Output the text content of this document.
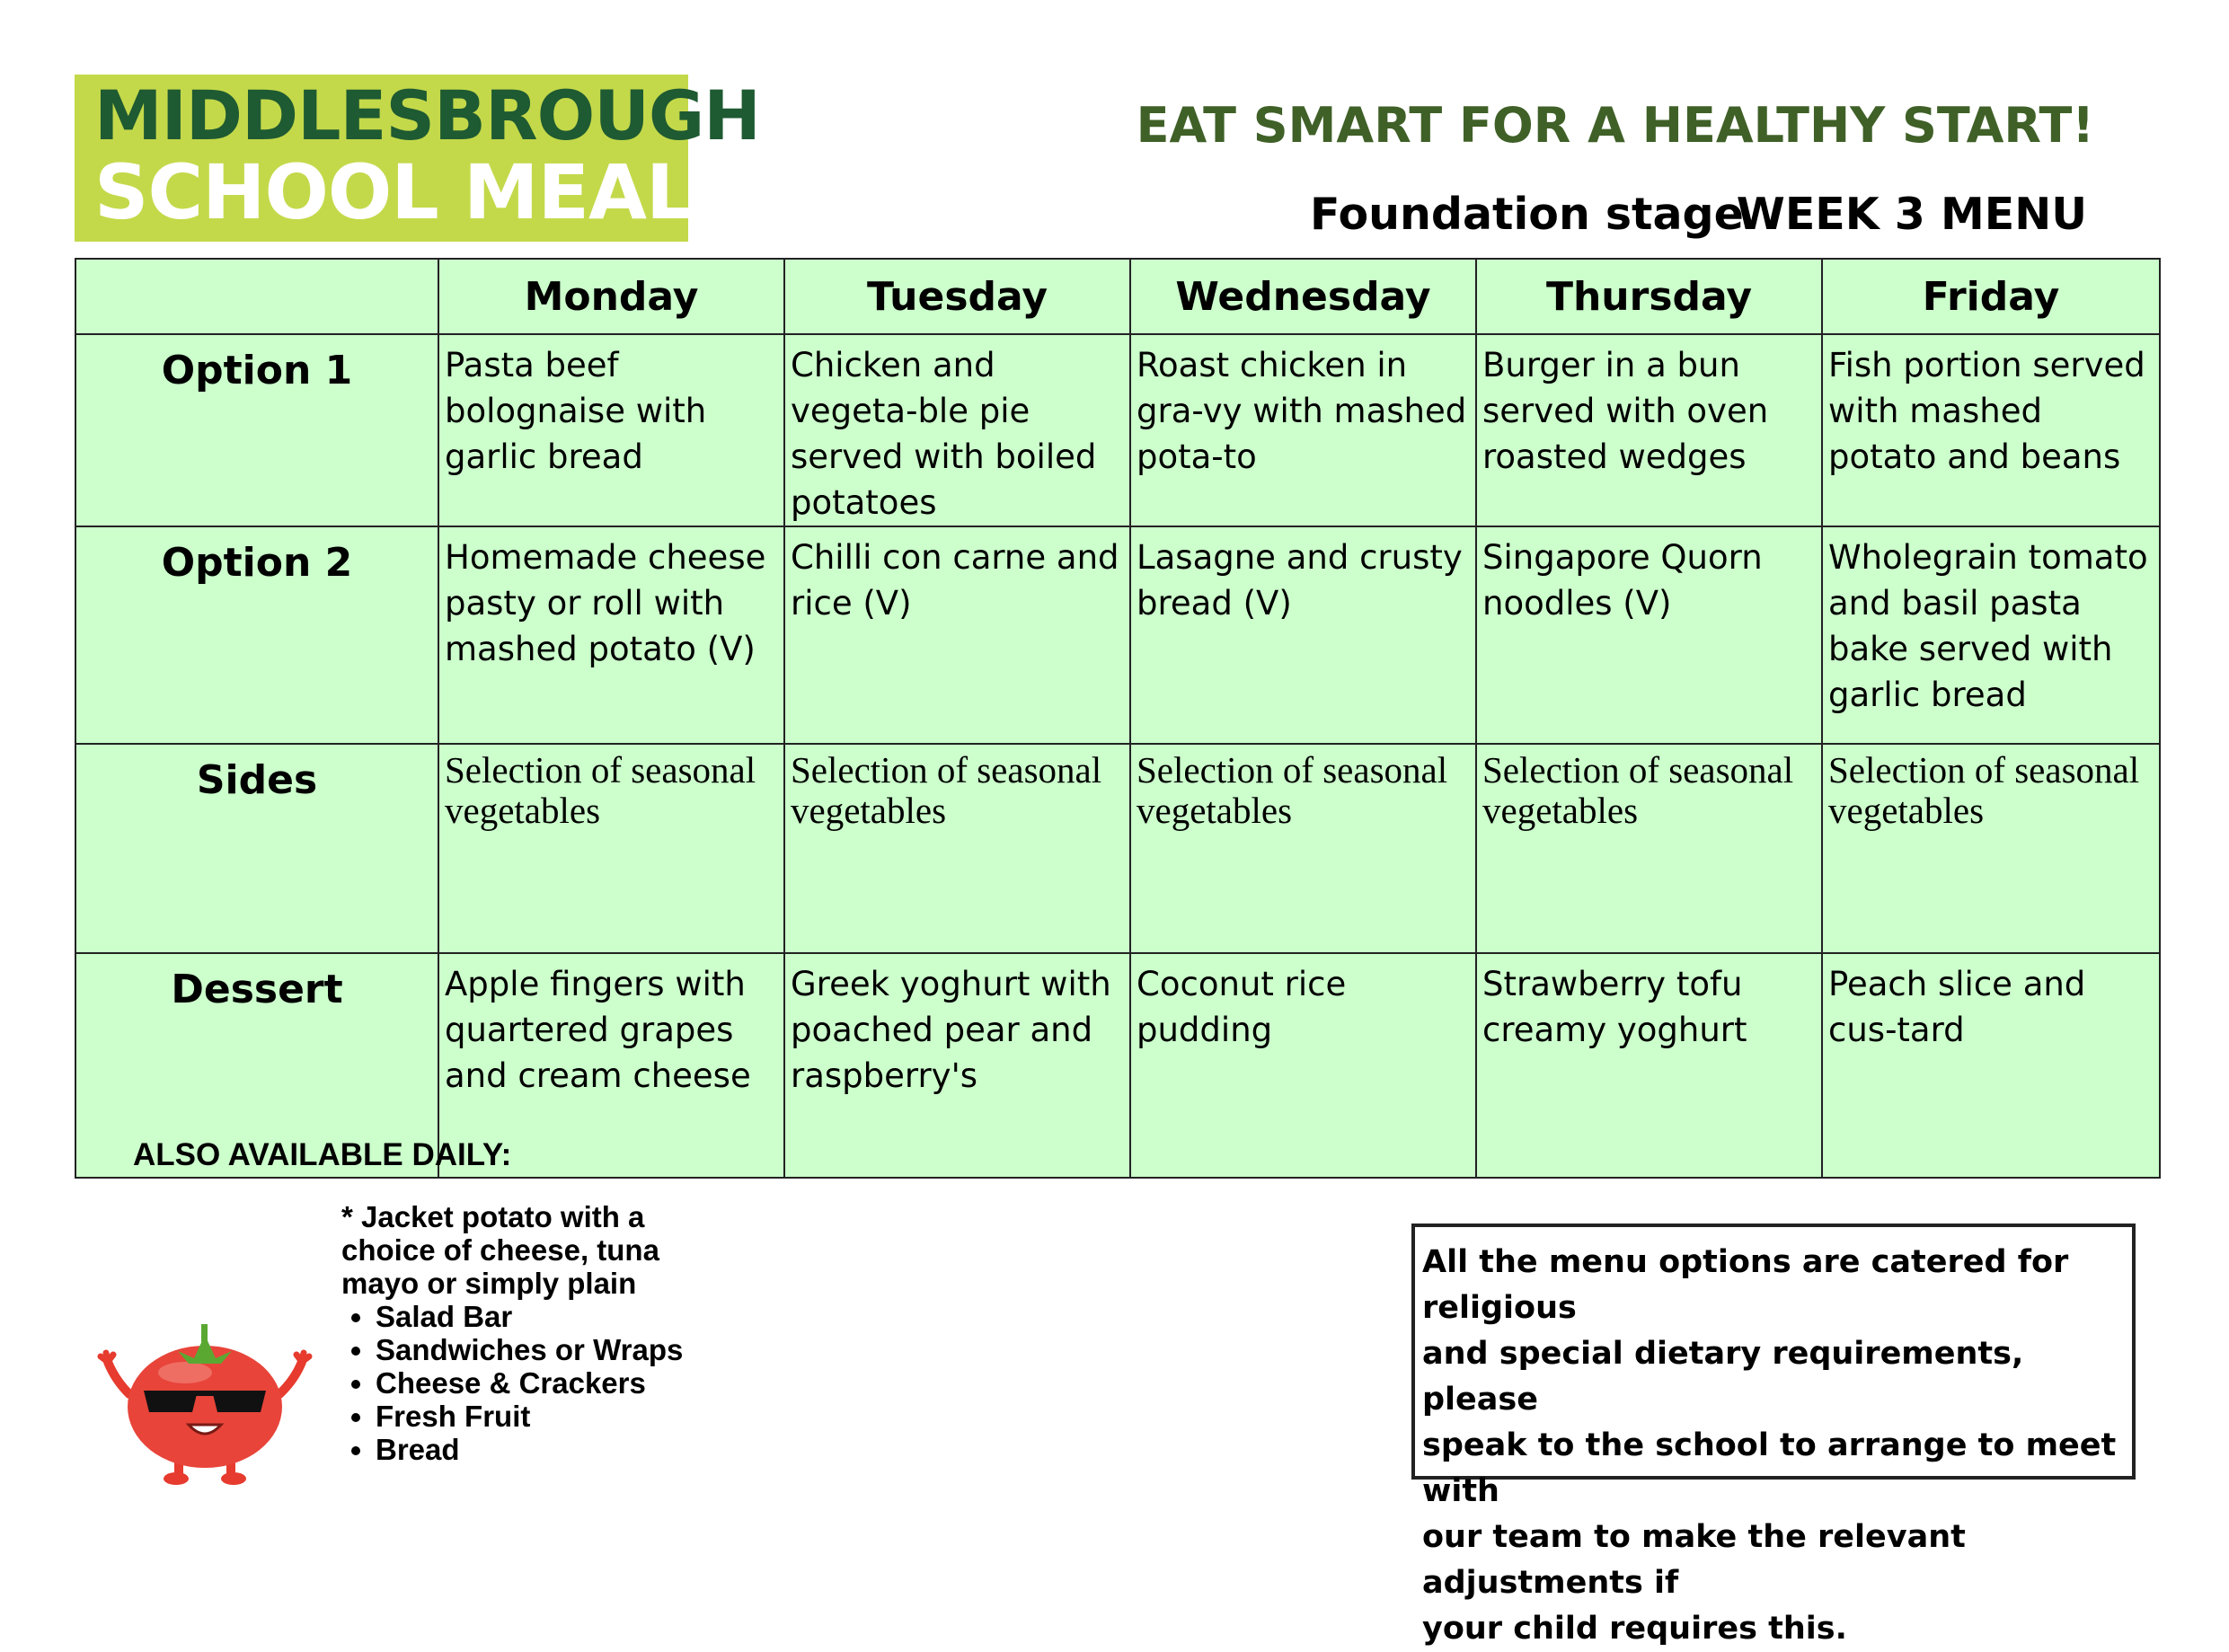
MIDDLESBROUGH
SCHOOL MEALS
EAT SMART FOR A HEALTHY START!
Foundation stage
WEEK 3 MENU
	Monday	Tuesday	Wednesday	Thursday	Friday
Option 1	Pasta beef bolognaise with garlic bread	Chicken and vegeta-ble pie served with boiled potatoes	Roast chicken in gra-vy with mashed pota-to	Burger in a bun served with oven roasted wedges	Fish portion served with mashed potato and beans
Option 2	Homemade cheese pasty or roll with mashed potato (V)	Chilli con carne and rice (V)	Lasagne and crusty bread (V)	Singapore Quorn noodles (V)	Wholegrain tomato and basil pasta bake served with garlic bread
Sides	Selection of seasonal vegetables	Selection of seasonal vegetables	Selection of seasonal vegetables	Selection of seasonal vegetables	Selection of seasonal vegetables
Dessert	Apple fingers with quartered grapes and cream cheese	Greek yoghurt with poached pear and raspberry's	Coconut rice pudding	Strawberry tofu creamy yoghurt	Peach slice and cus-tard
ALSO AVAILABLE DAILY:
* Jacket potato with a choice of cheese, tuna mayo or simply plain
• Salad Bar
• Sandwiches or Wraps
• Cheese & Crackers
• Fresh Fruit
• Bread
All the menu options are catered for religious
and special dietary requirements, please
speak to the school to arrange to meet with
our team to make the relevant adjustments if
your child requires this.
